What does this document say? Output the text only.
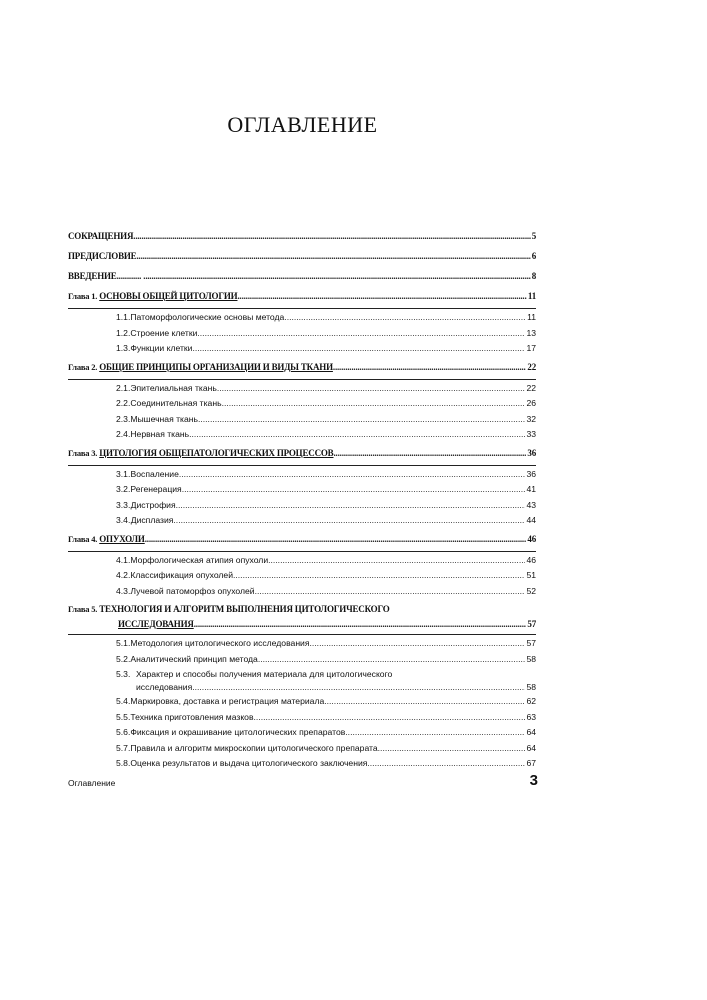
ОГЛАВЛЕНИЕ
СОКРАЩЕНИЯ .....	5
ПРЕДИСЛОВИЕ .....	6
ВВЕДЕНИЕ............ . .....	8
Глава 1. ОСНОВЫ ОБЩЕЙ ЦИТОЛОГИИ .....	11
1.1. Патоморфологические основы метода .....	11
1.2. Строение клетки .....	13
1.3. Функции клетки .....	17
Глава 2. ОБЩИЕ ПРИНЦИПЫ ОРГАНИЗАЦИИ И ВИДЫ ТКАНИ .....	22
2.1. Эпителиальная ткань .....	22
2.2. Соединительная ткань .....	26
2.3. Мышечная ткань .....	32
2.4. Нервная ткань .....	33
Глава 3. ЦИТОЛОГИЯ ОБЩЕПАТОЛОГИЧЕСКИХ ПРОЦЕССОВ .....	36
3.1. Воспаление .....	36
3.2. Регенерация .....	41
3.3. Дистрофия .....	43
3.4. Дисплазия .....	44
Глава 4. ОПУХОЛИ .....	46
4.1. Морфологическая атипия опухоли .....	46
4.2. Классификация опухолей .....	51
4.3. Лучевой патоморфоз опухолей .....	52
Глава 5. ТЕХНОЛОГИЯ И АЛГОРИТМ ВЫПОЛНЕНИЯ ЦИТОЛОГИЧЕСКОГО
ИССЛЕДОВАНИЯ .....	57
5.1. Методология цитологического исследования .....	57
5.2. Аналитический принцип метода .....	58
5.3. Характер и способы получения материала для цитологического
исследования .....	58
5.4. Маркировка, доставка и регистрация материала .....	62
5.5. Техника приготовления мазков .....	63
5.6. Фиксация и окрашивание цитологических препаратов .....	64
5.7. Правила и алгоритм микроскопии цитологического препарата .....	64
5.8. Оценка результатов и выдача цитологического заключения .....	67
Оглавление	3
